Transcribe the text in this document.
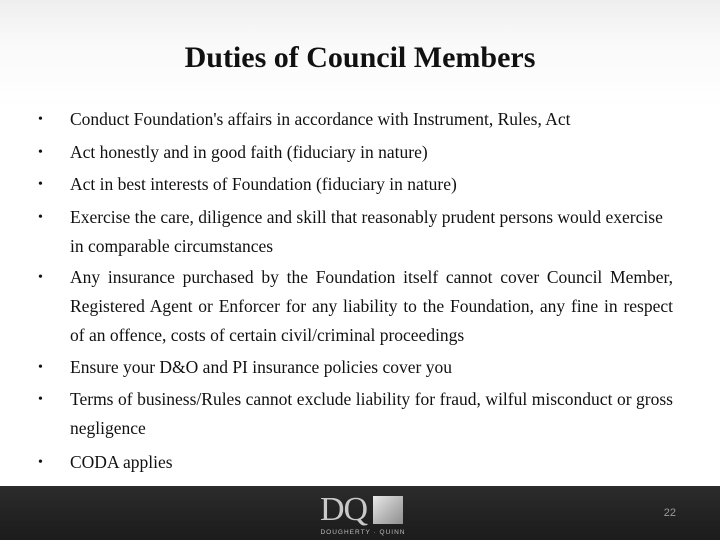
Duties of Council Members
•	Conduct Foundation's affairs in accordance with Instrument, Rules, Act
•	Act honestly and in good faith (fiduciary in nature)
•	Act in best interests of Foundation (fiduciary in nature)
•	Exercise the care, diligence and skill that reasonably prudent persons would exercise in comparable circumstances
•	Any insurance purchased by the Foundation itself cannot cover Council Member, Registered Agent or Enforcer for any liability to the Foundation, any fine in respect of an offence, costs of certain civil/criminal proceedings
•	Ensure your D&O and PI insurance policies cover you
•	Terms of business/Rules cannot exclude liability for fraud, wilful misconduct or gross negligence
•	CODA applies
DQ
DOUGHERTY · QUINN
22
